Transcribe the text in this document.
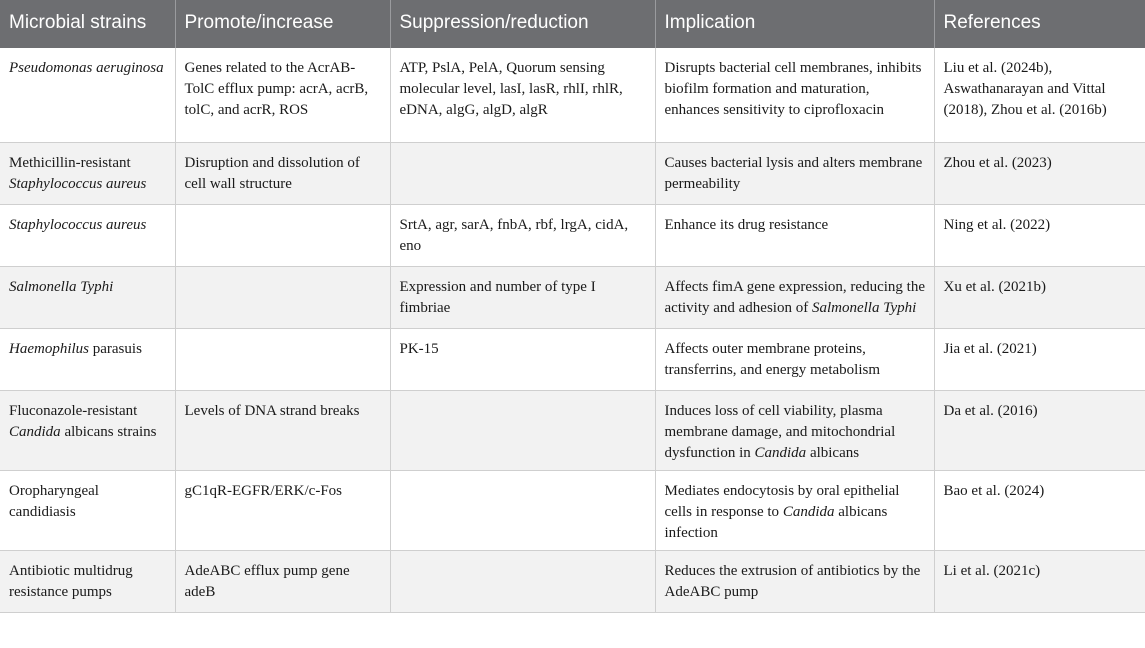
Microbial strains	Promote/increase	Suppression/reduction	Implication	References
Pseudomonas aeruginosa	Genes related to the AcrAB-TolC efflux pump: acrA, acrB, tolC, and acrR, ROS	ATP, PslA, PelA, Quorum sensing molecular level, lasI, lasR, rhlI, rhlR, eDNA, algG, algD, algR	Disrupts bacterial cell membranes, inhibits biofilm formation and maturation, enhances sensitivity to ciprofloxacin	Liu et al. (2024b), Aswathanarayan and Vittal (2018), Zhou et al. (2016b)
Methicillin-resistant Staphylococcus aureus	Disruption and dissolution of cell wall structure		Causes bacterial lysis and alters membrane permeability	Zhou et al. (2023)
Staphylococcus aureus		SrtA, agr, sarA, fnbA, rbf, lrgA, cidA, eno	Enhance its drug resistance	Ning et al. (2022)
Salmonella Typhi		Expression and number of type I fimbriae	Affects fimA gene expression, reducing the activity and adhesion of Salmonella Typhi	Xu et al. (2021b)
Haemophilus parasuis		PK-15	Affects outer membrane proteins, transferrins, and energy metabolism	Jia et al. (2021)
Fluconazole-resistant Candida albicans strains	Levels of DNA strand breaks		Induces loss of cell viability, plasma membrane damage, and mitochondrial dysfunction in Candida albicans	Da et al. (2016)
Oropharyngeal candidiasis	gC1qR-EGFR/ERK/c-Fos		Mediates endocytosis by oral epithelial cells in response to Candida albicans infection	Bao et al. (2024)
Antibiotic multidrug resistance pumps	AdeABC efflux pump gene adeB		Reduces the extrusion of antibiotics by the AdeABC pump	Li et al. (2021c)
